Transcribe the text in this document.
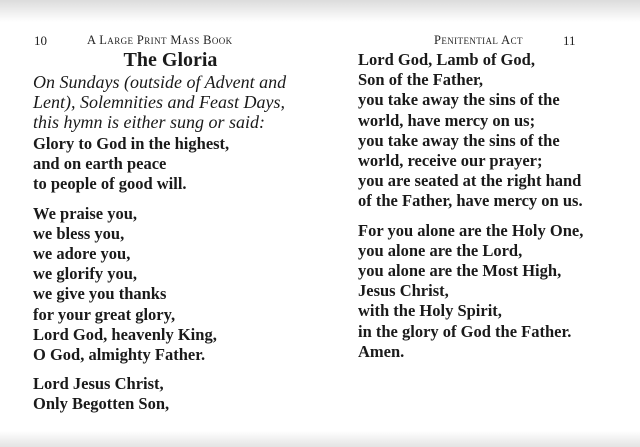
10	A Large Print Mass Book
The Gloria
On Sundays (outside of Advent and
Lent), Solemnities and Feast Days,
this hymn is either sung or said:
Glory to God in the highest,
and on earth peace
to people of good will.
We praise you,
we bless you,
we adore you,
we glorify you,
we give you thanks
for your great glory,
Lord God, heavenly King,
O God, almighty Father.
Lord Jesus Christ,
Only Begotten Son,
Penitential Act
Lord God, Lamb of God,
Son of the Father,
you take away the sins of the
world, have mercy on us;
you take away the sins of the
world, receive our prayer;
you are seated at the right hand
of the Father, have mercy on us.
For you alone are the Holy One,
you alone are the Lord,
you alone are the Most High,
Jesus Christ,
with the Holy Spirit,
in the glory of God the Father.
Amen.
11
